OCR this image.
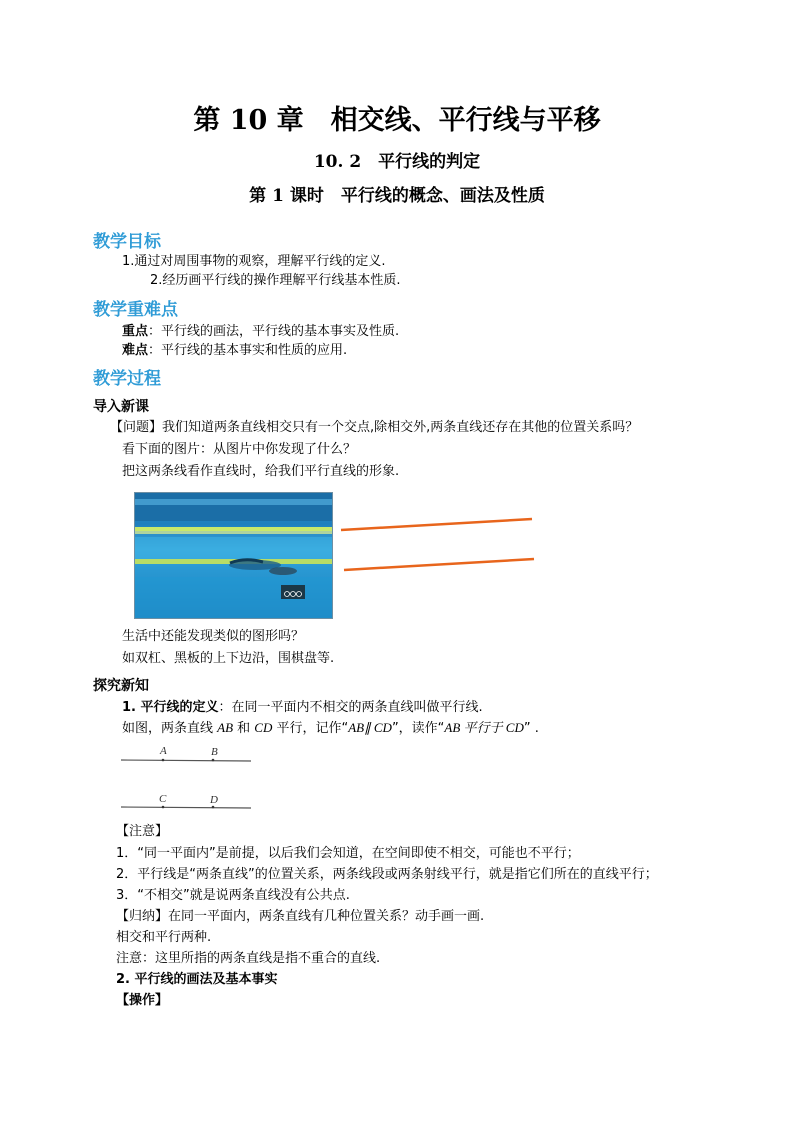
第 10 章　相交线、平行线与平移
10. 2　平行线的判定
第 1 课时　平行线的概念、画法及性质
教学目标
1.通过对周围事物的观察，理解平行线的定义.
2.经历画平行线的操作理解平行线基本性质.
教学重难点
重点：平行线的画法，平行线的基本事实及性质.
难点：平行线的基本事实和性质的应用.
教学过程
导入新课
【问题】我们知道两条直线相交只有一个交点,除相交外,两条直线还存在其他的位置关系吗？
看下面的图片：从图片中你发现了什么？
把这两条线看作直线时，给我们平行直线的形象.
生活中还能发现类似的图形吗？
如双杠、黑板的上下边沿，围棋盘等.
探究新知
1. 平行线的定义：在同一平面内不相交的两条直线叫做平行线.
如图，两条直线 AB 和 CD 平行，记作“AB∥ CD”，读作“AB 平行于 CD” .
A	B
C	D
【注意】
1．“同一平面内”是前提，以后我们会知道，在空间即使不相交，可能也不平行；
2．平行线是“两条直线”的位置关系，两条线段或两条射线平行，就是指它们所在的直线平行；
3．“不相交”就是说两条直线没有公共点.
【归纳】在同一平面内，两条直线有几种位置关系？动手画一画.
相交和平行两种.
注意：这里所指的两条直线是指不重合的直线.
2. 平行线的画法及基本事实
【操作】
